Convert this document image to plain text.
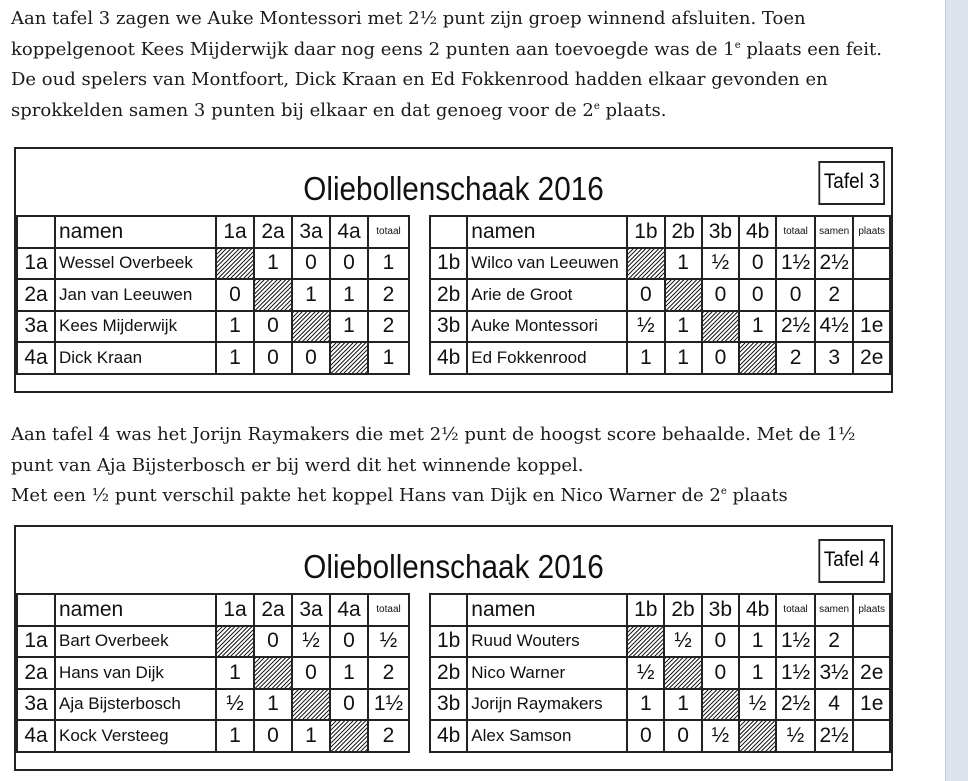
Aan tafel 3 zagen we Auke Montessori met 2½ punt zijn groep winnend afsluiten. Toen
koppelgenoot Kees Mijderwijk daar nog eens 2 punten aan toevoegde was de 1e plaats een feit.
De oud spelers van Montfoort, Dick Kraan en Ed Fokkenrood hadden elkaar gevonden en
sprokkelden samen 3 punten bij elkaar en dat genoeg voor de 2e plaats.
Oliebollenschaak 2016	Tafel 3
	namen	1a	2a	3a	4a	totaal
1a	Wessel Overbeek		1	0	0	1
2a	Jan van Leeuwen	0		1	1	2
3a	Kees Mijderwijk	1	0		1	2
4a	Dick Kraan	1	0	0		1
	namen	1b	2b	3b	4b	totaal	samen	plaats
1b	Wilco van Leeuwen		1	½	0	1½	2½	
2b	Arie de Groot	0		0	0	0	2	
3b	Auke Montessori	½	1		1	2½	4½	1e
4b	Ed Fokkenrood	1	1	0		2	3	2e
Aan tafel 4 was het Jorijn Raymakers die met 2½ punt de hoogst score behaalde. Met de 1½
punt van Aja Bijsterbosch er bij werd dit het winnende koppel.
Met een ½ punt verschil pakte het koppel Hans van Dijk en Nico Warner de 2e plaats
Oliebollenschaak 2016	Tafel 4
	namen	1a	2a	3a	4a	totaal
1a	Bart Overbeek		0	½	0	½
2a	Hans van Dijk	1		0	1	2
3a	Aja Bijsterbosch	½	1		0	1½
4a	Kock Versteeg	1	0	1		2
	namen	1b	2b	3b	4b	totaal	samen	plaats
1b	Ruud Wouters		½	0	1	1½	2	
2b	Nico Warner	½		0	1	1½	3½	2e
3b	Jorijn Raymakers	1	1		½	2½	4	1e
4b	Alex Samson	0	0	½		½	2½	
